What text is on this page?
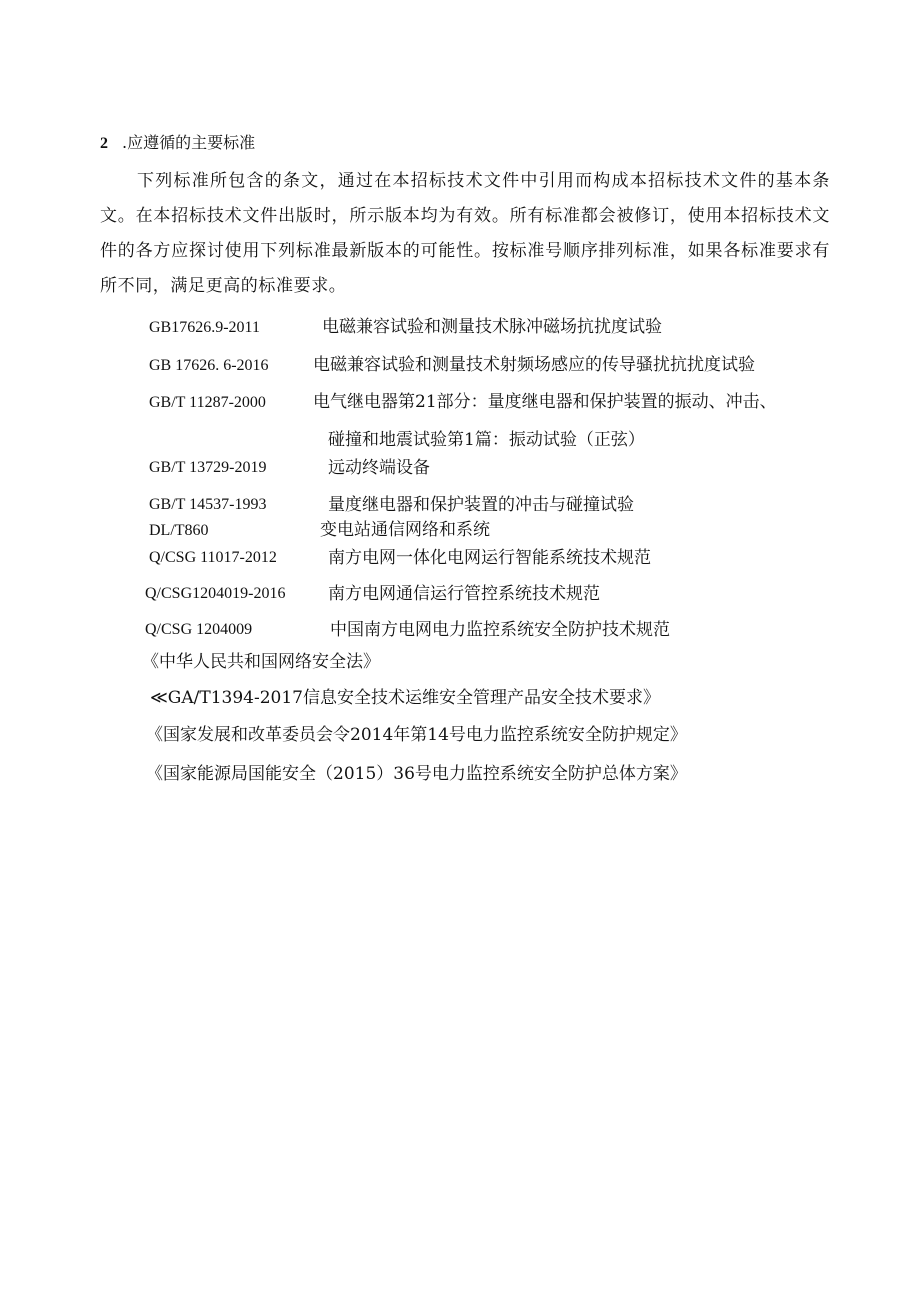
2 .应遵循的主要标准
下列标准所包含的条文，通过在本招标技术文件中引用而构成本招标技术文件的基本条文。在本招标技术文件出版时，所示版本均为有效。所有标准都会被修订，使用本招标技术文件的各方应探讨使用下列标准最新版本的可能性。按标准号顺序排列标准，如果各标准要求有所不同，满足更高的标准要求。
GB17626.9-2011	电磁兼容试验和测量技术脉冲磁场抗扰度试验
GB 17626. 6-2016	电磁兼容试验和测量技术射频场感应的传导骚扰抗扰度试验
GB/T 11287-2000	电气继电器第21部分：量度继电器和保护装置的振动、冲击、
碰撞和地震试验第1篇：振动试验（正弦）
GB/T 13729-2019	远动终端设备
GB/T 14537-1993	量度继电器和保护装置的冲击与碰撞试验
DL/T860	变电站通信网络和系统
Q/CSG 11017-2012	南方电网一体化电网运行智能系统技术规范
Q/CSG1204019-2016	南方电网通信运行管控系统技术规范
Q/CSG 1204009	中国南方电网电力监控系统安全防护技术规范
《中华人民共和国网络安全法》
≪GA/T1394-2017信息安全技术运维安全管理产品安全技术要求》
《国家发展和改革委员会令2014年第14号电力监控系统安全防护规定》
《国家能源局国能安全（2015）36号电力监控系统安全防护总体方案》
